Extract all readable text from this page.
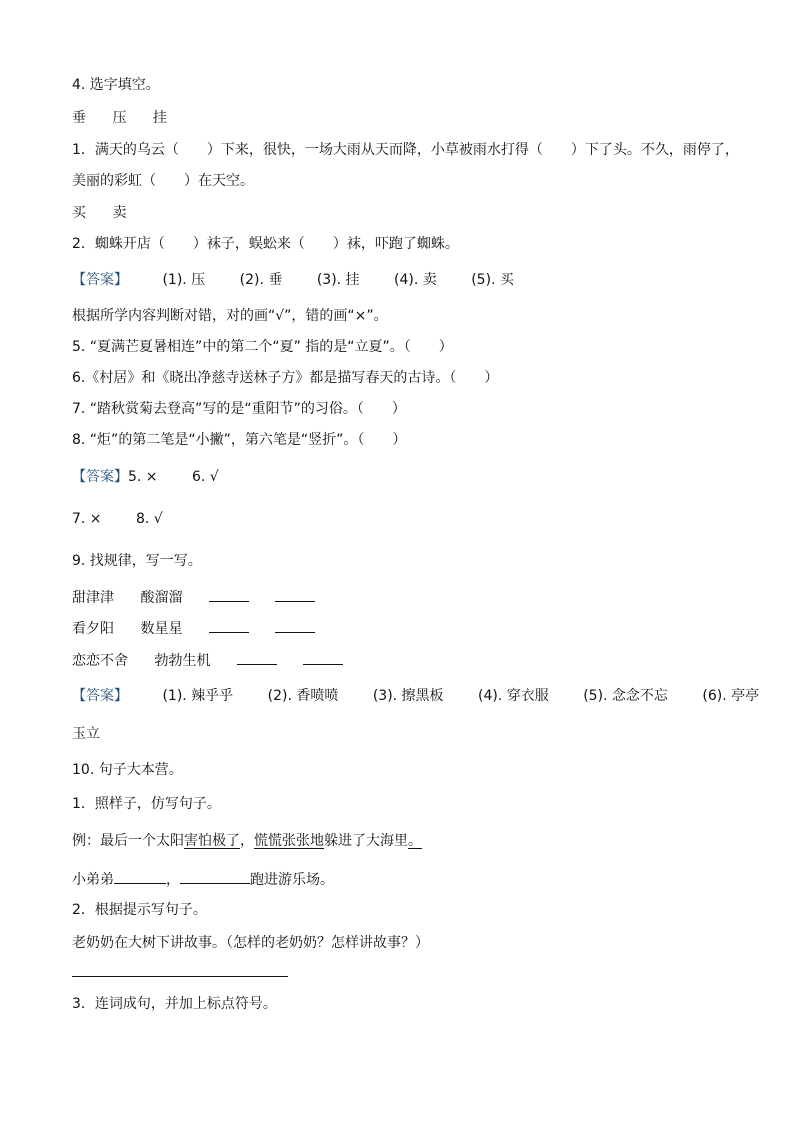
4. 选字填空。
垂 压 挂
1．满天的乌云（　　）下来，很快，一场大雨从天而降，小草被雨水打得（　　）下了头。不久，雨停了，
美丽的彩虹（　　）在天空。
买 卖
2．蜘蛛开店（　　）袜子，蜈蚣来（　　）袜，吓跑了蜘蛛。
【答案】 (1). 压 (2). 垂 (3). 挂 (4). 卖 (5). 买
根据所学内容判断对错，对的画“√”，错的画“×”。
5. “夏满芒夏暑相连”中的第二个“夏” 指的是“立夏”。（　　）
6.《村居》和《晓出净慈寺送林子方》都是描写春天的古诗。（　　）
7. “踏秋赏菊去登高”写的是“重阳节”的习俗。（　　）
8. “炬”的第二笔是“小撇”，第六笔是“竖折”。（　　）
【答案】5. × 6. √
7. × 8. √
9. 找规律，写一写。
甜津津 酸溜溜
看夕阳 数星星
恋恋不舍 勃勃生机
【答案】 (1). 辣乎乎 (2). 香喷喷 (3). 擦黑板 (4). 穿衣服 (5). 念念不忘 (6). 亭亭
玉立
10. 句子大本营。
1．照样子，仿写句子。
例：最后一个太阳害怕极了，慌慌张张地躲进了大海里。
小弟弟	，	跑进游乐场。
2．根据提示写句子。
老奶奶在大树下讲故事。（怎样的老奶奶？怎样讲故事？）
3．连词成句，并加上标点符号。
